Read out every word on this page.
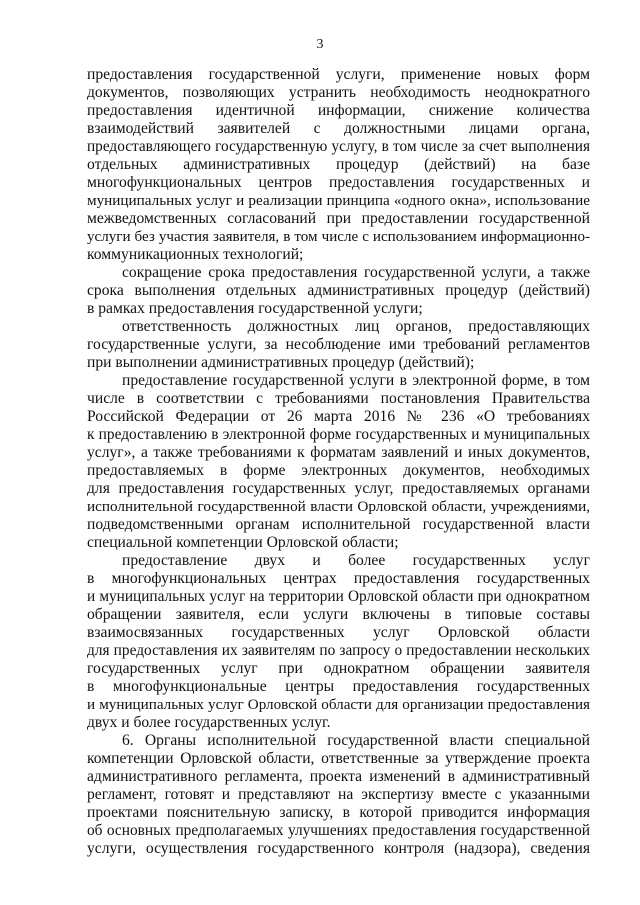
3
предоставления государственной услуги, применение новых форм
документов, позволяющих устранить необходимость неоднократного
предоставления идентичной информации, снижение количества
взаимодействий заявителей с должностными лицами органа,
предоставляющего государственную услугу, в том числе за счет выполнения
отдельных административных процедур (действий) на базе
многофункциональных центров предоставления государственных и
муниципальных услуг и реализации принципа «одного окна», использование
межведомственных согласований при предоставлении государственной
услуги без участия заявителя, в том числе с использованием информационно-
коммуникационных технологий;
сокращение срока предоставления государственной услуги, а также
срока выполнения отдельных административных процедур (действий)
в рамках предоставления государственной услуги;
ответственность должностных лиц органов, предоставляющих
государственные услуги, за несоблюдение ими требований регламентов
при выполнении административных процедур (действий);
предоставление государственной услуги в электронной форме, в том
числе в соответствии с требованиями постановления Правительства
Российской Федерации от 26 марта 2016 № 236 «О требованиях
к предоставлению в электронной форме государственных и муниципальных
услуг», а также требованиями к форматам заявлений и иных документов,
предоставляемых в форме электронных документов, необходимых
для предоставления государственных услуг, предоставляемых органами
исполнительной государственной власти Орловской области, учреждениями,
подведомственными органам исполнительной государственной власти
специальной компетенции Орловской области;
предоставление двух и более государственных услуг
в многофункциональных центрах предоставления государственных
и муниципальных услуг на территории Орловской области при однократном
обращении заявителя, если услуги включены в типовые составы
взаимосвязанных государственных услуг Орловской области
для предоставления их заявителям по запросу о предоставлении нескольких
государственных услуг при однократном обращении заявителя
в многофункциональные центры предоставления государственных
и муниципальных услуг Орловской области для организации предоставления
двух и более государственных услуг.
6. Органы исполнительной государственной власти специальной
компетенции Орловской области, ответственные за утверждение проекта
административного регламента, проекта изменений в административный
регламент, готовят и представляют на экспертизу вместе с указанными
проектами пояснительную записку, в которой приводится информация
об основных предполагаемых улучшениях предоставления государственной
услуги, осуществления государственного контроля (надзора), сведения
